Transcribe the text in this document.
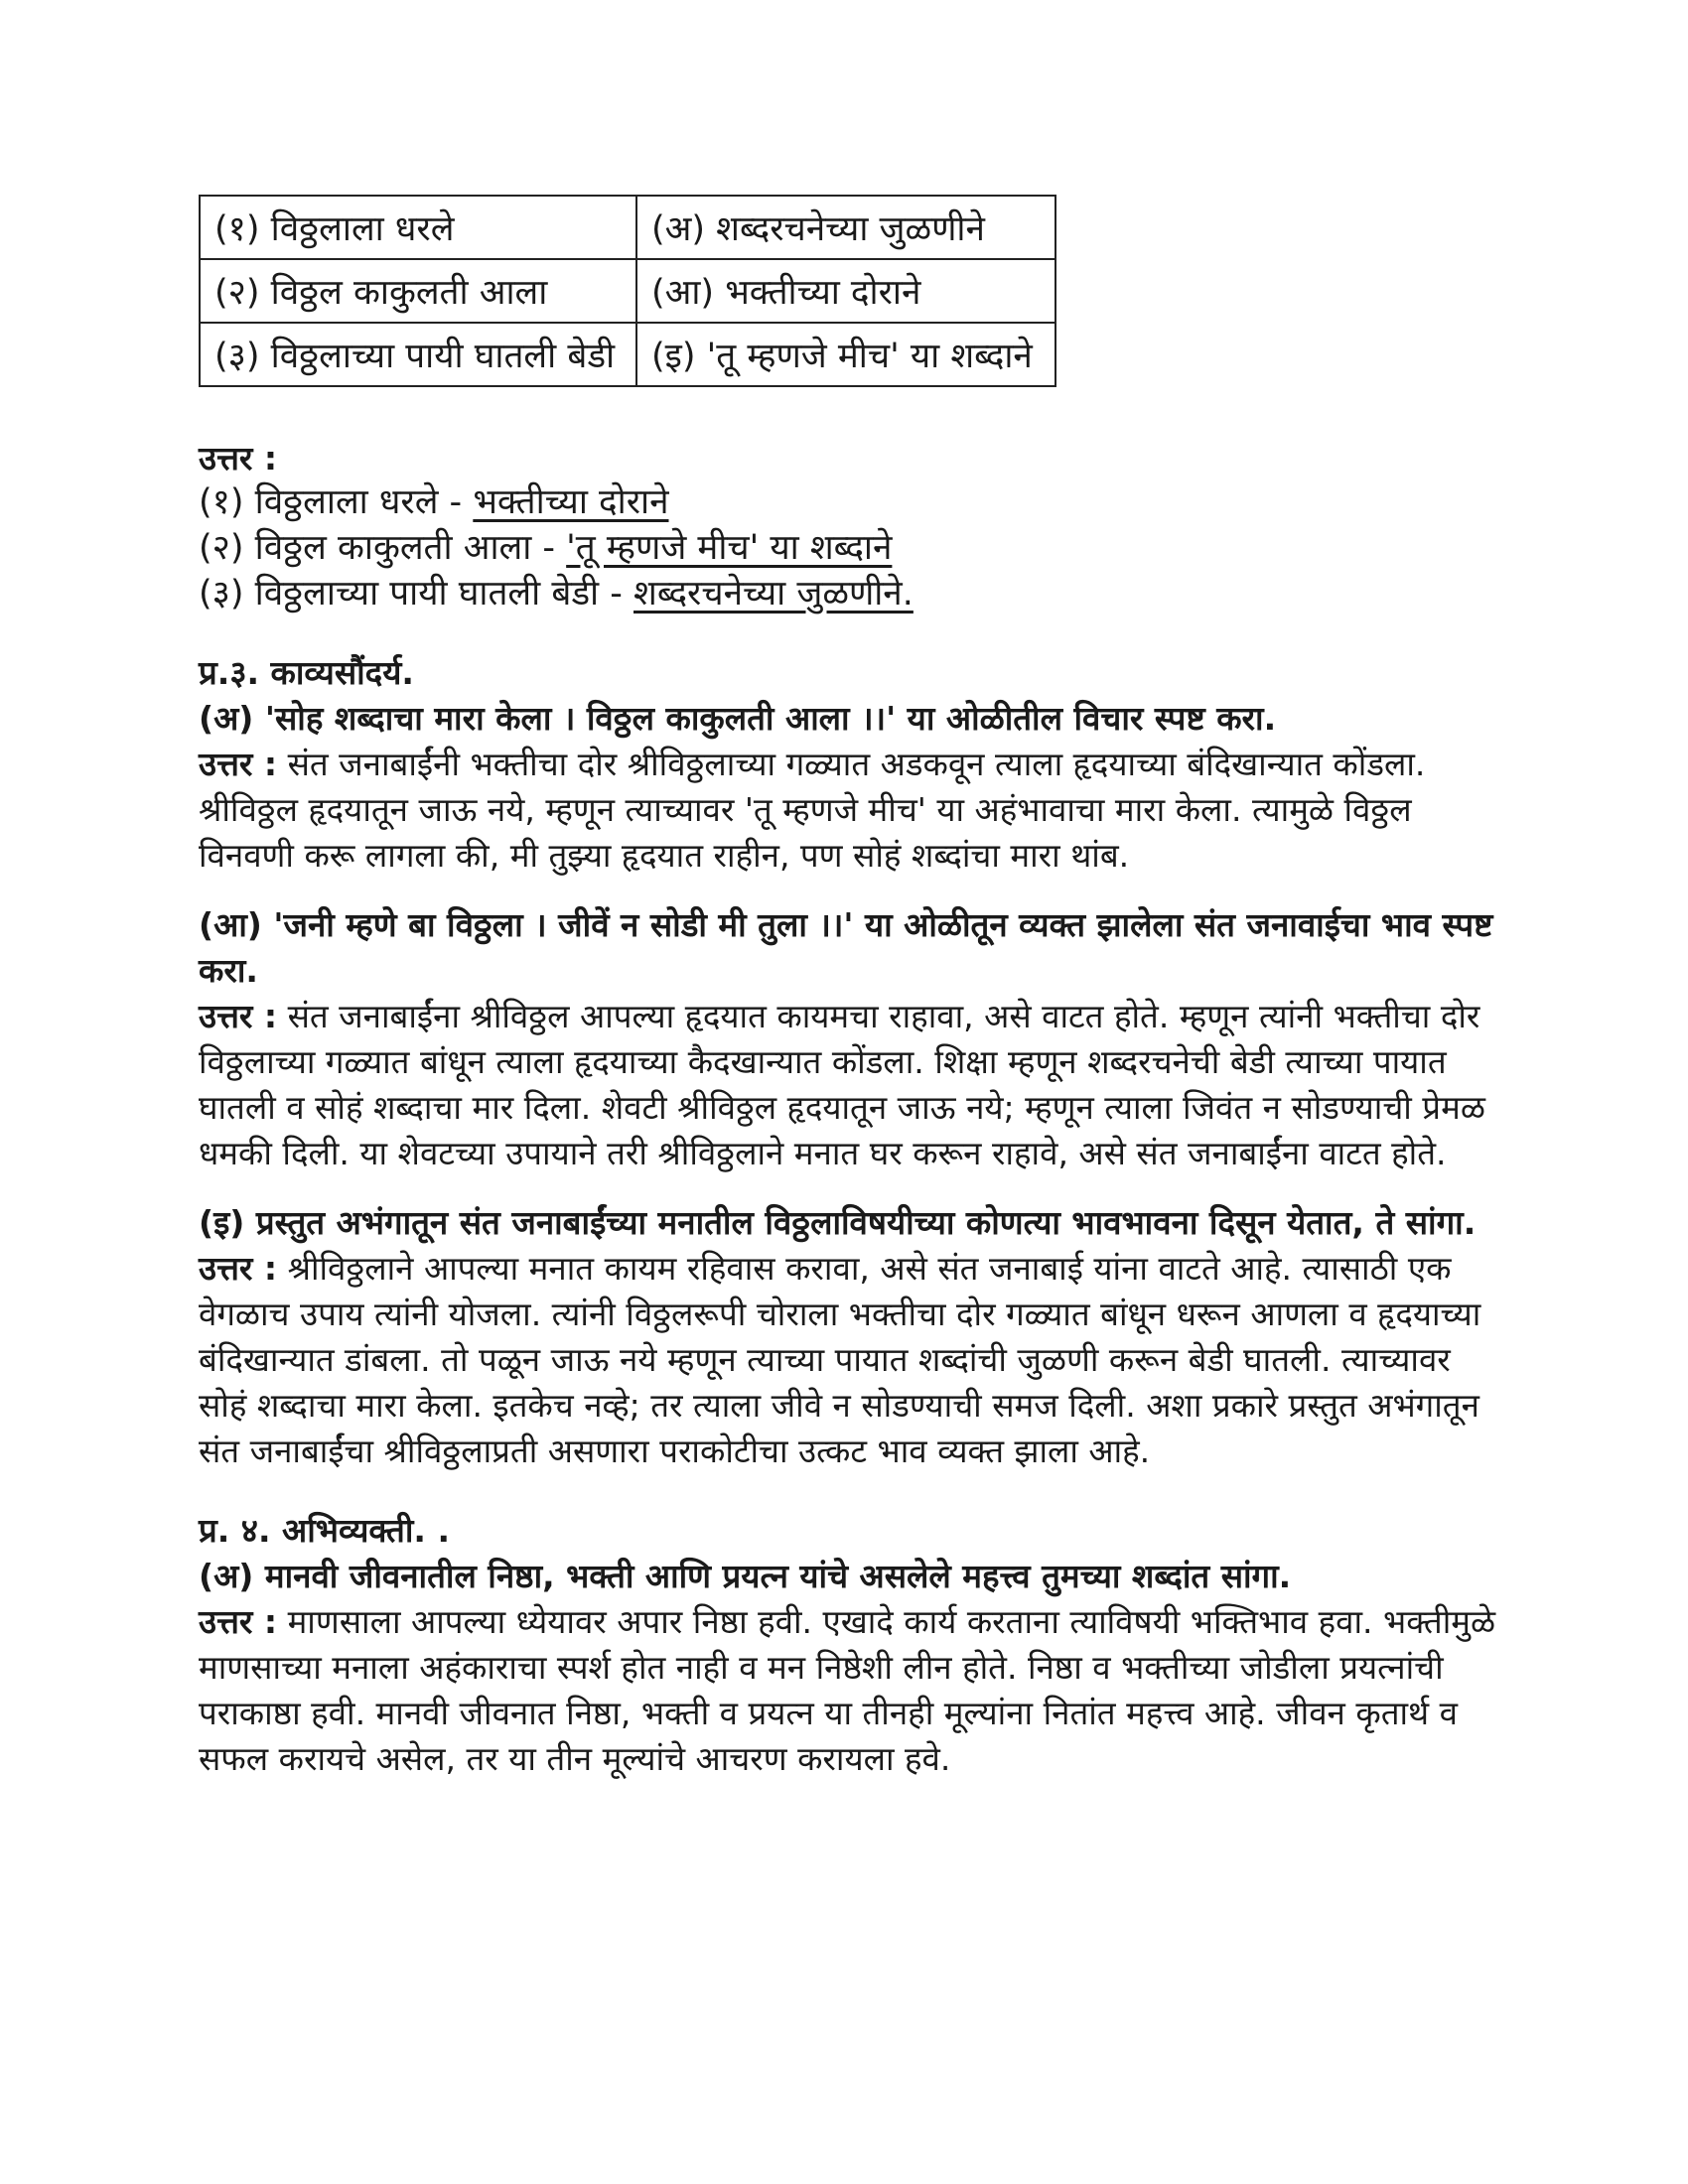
(१) विठ्ठलाला धरले	(अ) शब्दरचनेच्या जुळणीने
(२) विठ्ठल काकुलती आला	(आ) भक्तीच्या दोराने
(३) विठ्ठलाच्या पायी घातली बेडी	(इ) 'तू म्हणजे मीच' या शब्दाने
उत्तर :
(१) विठ्ठलाला धरले - भक्तीच्या दोराने
(२) विठ्ठल काकुलती आला - 'तू म्हणजे मीच' या शब्दाने
(३) विठ्ठलाच्या पायी घातली बेडी - शब्दरचनेच्या जुळणीने.
प्र.३. काव्यसौंदर्य.
(अ) 'सोह शब्दाचा मारा केला । विठ्ठल काकुलती आला ।।' या ओळीतील विचार स्पष्ट करा.
उत्तर : संत जनाबाईंनी भक्तीचा दोर श्रीविठ्ठलाच्या गळ्यात अडकवून त्याला हृदयाच्या बंदिखान्यात कोंडला. श्रीविठ्ठल हृदयातून जाऊ नये, म्हणून त्याच्यावर 'तू म्हणजे मीच' या अहंभावाचा मारा केला. त्यामुळे विठ्ठल विनवणी करू लागला की, मी तुझ्या हृदयात राहीन, पण सोहं शब्दांचा मारा थांब.
(आ) 'जनी म्हणे बा विठ्ठला । जीवें न सोडी मी तुला ।।' या ओळीतून व्यक्त झालेला संत जनावाईचा भाव स्पष्ट करा.
उत्तर : संत जनाबाईंना श्रीविठ्ठल आपल्या हृदयात कायमचा राहावा, असे वाटत होते. म्हणून त्यांनी भक्तीचा दोर विठ्ठलाच्या गळ्यात बांधून त्याला हृदयाच्या कैदखान्यात कोंडला. शिक्षा म्हणून शब्दरचनेची बेडी त्याच्या पायात घातली व सोहं शब्दाचा मार दिला. शेवटी श्रीविठ्ठल हृदयातून जाऊ नये; म्हणून त्याला जिवंत न सोडण्याची प्रेमळ धमकी दिली. या शेवटच्या उपायाने तरी श्रीविठ्ठलाने मनात घर करून राहावे, असे संत जनाबाईंना वाटत होते.
(इ) प्रस्तुत अभंगातून संत जनाबाईंच्या मनातील विठ्ठलाविषयीच्या कोणत्या भावभावना दिसून येतात, ते सांगा.
उत्तर : श्रीविठ्ठलाने आपल्या मनात कायम रहिवास करावा, असे संत जनाबाई यांना वाटते आहे. त्यासाठी एक वेगळाच उपाय त्यांनी योजला. त्यांनी विठ्ठलरूपी चोराला भक्तीचा दोर गळ्यात बांधून धरून आणला व हृदयाच्या बंदिखान्यात डांबला. तो पळून जाऊ नये म्हणून त्याच्या पायात शब्दांची जुळणी करून बेडी घातली. त्याच्यावर सोहं शब्दाचा मारा केला. इतकेच नव्हे; तर त्याला जीवे न सोडण्याची समज दिली. अशा प्रकारे प्रस्तुत अभंगातून संत जनाबाईंचा श्रीविठ्ठलाप्रती असणारा पराकोटीचा उत्कट भाव व्यक्त झाला आहे.
प्र. ४. अभिव्यक्ती. .
(अ) मानवी जीवनातील निष्ठा, भक्ती आणि प्रयत्न यांचे असलेले महत्त्व तुमच्या शब्दांत सांगा.
उत्तर : माणसाला आपल्या ध्येयावर अपार निष्ठा हवी. एखादे कार्य करताना त्याविषयी भक्तिभाव हवा. भक्तीमुळे माणसाच्या मनाला अहंकाराचा स्पर्श होत नाही व मन निष्ठेशी लीन होते. निष्ठा व भक्तीच्या जोडीला प्रयत्नांची पराकाष्ठा हवी. मानवी जीवनात निष्ठा, भक्ती व प्रयत्न या तीनही मूल्यांना नितांत महत्त्व आहे. जीवन कृतार्थ व सफल करायचे असेल, तर या तीन मूल्यांचे आचरण करायला हवे.
